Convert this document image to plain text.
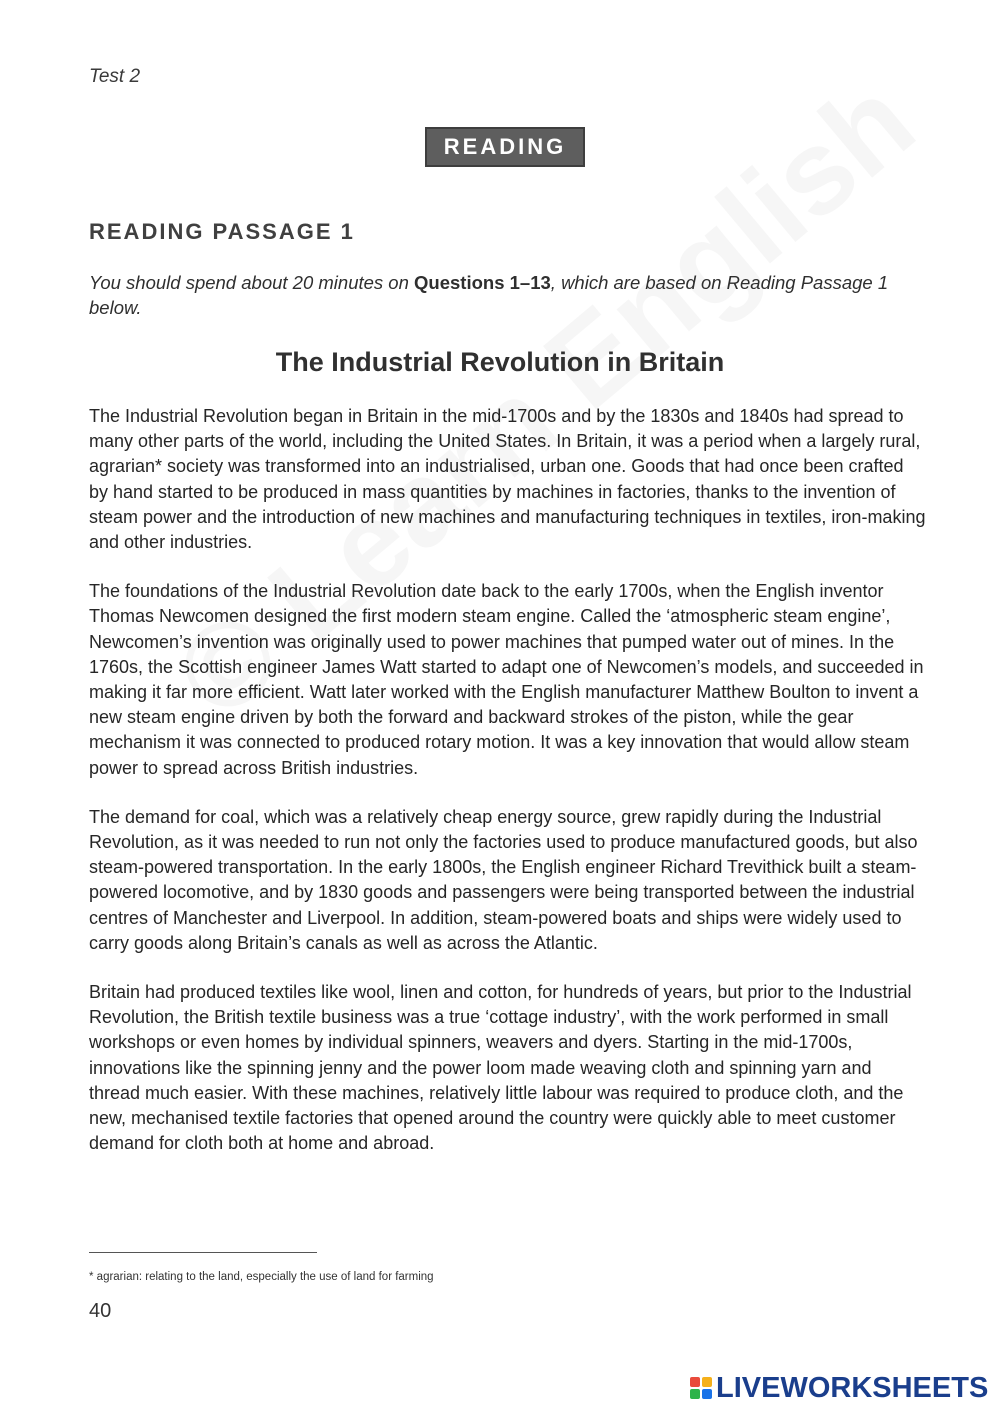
Test 2
READING
READING PASSAGE 1
You should spend about 20 minutes on Questions 1–13, which are based on Reading Passage 1 below.
The Industrial Revolution in Britain

The Industrial Revolution began in Britain in the mid-1700s and by the 1830s and 1840s had spread to many other parts of the world, including the United States. In Britain, it was a period when a largely rural, agrarian* society was transformed into an industrialised, urban one. Goods that had once been crafted by hand started to be produced in mass quantities by machines in factories, thanks to the invention of steam power and the introduction of new machines and manufacturing techniques in textiles, iron-making and other industries.

The foundations of the Industrial Revolution date back to the early 1700s, when the English inventor Thomas Newcomen designed the first modern steam engine. Called the ‘atmospheric steam engine’, Newcomen’s invention was originally used to power machines that pumped water out of mines. In the 1760s, the Scottish engineer James Watt started to adapt one of Newcomen’s models, and succeeded in making it far more efficient. Watt later worked with the English manufacturer Matthew Boulton to invent a new steam engine driven by both the forward and backward strokes of the piston, while the gear mechanism it was connected to produced rotary motion. It was a key innovation that would allow steam power to spread across British industries.

The demand for coal, which was a relatively cheap energy source, grew rapidly during the Industrial Revolution, as it was needed to run not only the factories used to produce manufactured goods, but also steam-powered transportation. In the early 1800s, the English engineer Richard Trevithick built a steam-powered locomotive, and by 1830 goods and passengers were being transported between the industrial centres of Manchester and Liverpool. In addition, steam-powered boats and ships were widely used to carry goods along Britain’s canals as well as across the Atlantic.

Britain had produced textiles like wool, linen and cotton, for hundreds of years, but prior to the Industrial Revolution, the British textile business was a true ‘cottage industry’, with the work performed in small workshops or even homes by individual spinners, weavers and dyers. Starting in the mid-1700s, innovations like the spinning jenny and the power loom made weaving cloth and spinning yarn and thread much easier. With these machines, relatively little labour was required to produce cloth, and the new, mechanised textile factories that opened around the country were quickly able to meet customer demand for cloth both at home and abroad.

* agrarian: relating to the land, especially the use of land for farming
40
LIVEWORKSHEETS
